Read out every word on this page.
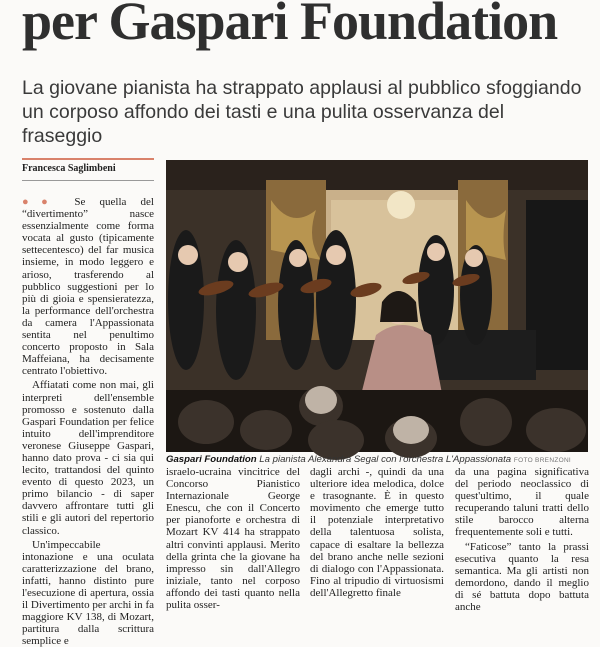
per Gaspari Foundation
La giovane pianista ha strappato applausi al pubblico sfoggiando un corposo affondo dei tasti e una pulita osservanza del fraseggio
Francesca Saglimbeni

●● Se quella del “divertimento” nasce essenzialmente come forma vocata al gusto (tipicamente settecentesco) del far musica insieme, in modo leggero e arioso, trasferendo al pubblico suggestioni per lo più di gioia e spensieratezza, la performance dell'orchestra da camera l'Appassionata sentita nel penultimo concerto proposto in Sala Maffeiana, ha decisamente centrato l'obiettivo.

Affiatati come non mai, gli interpreti dell'ensemble promosso e sostenuto dalla Gaspari Foundation per felice intuito dell'imprenditore veronese Giuseppe Gaspari, hanno dato prova - ci sia qui lecito, trattandosi del quinto evento di questo 2023, un primo bilancio - di saper davvero affrontare tutti gli stili e gli autori del repertorio classico.

Un'impeccabile intonazione e una oculata caratterizzazione del brano, infatti, hanno distinto pure l'esecuzione di apertura, ossia il Divertimento per archi in fa maggiore KV 138, di Mozart, partitura dalla scrittura semplice e

Gaspari Foundation La pianista Alexandra Segal con l'orchestra L'Appassionata FOTO BRENZONI

israelo-ucraina vincitrice del Concorso Pianistico Internazionale George Enescu, che con il Concerto per pianoforte e orchestra di Mozart KV 414 ha strappato altri convinti applausi. Merito della grinta che la giovane ha impresso sin dall'Allegro iniziale, tanto nel corposo affondo dei tasti quanto nella pulita osser-

dagli archi -, quindi da una ulteriore idea melodica, dolce e trasognante. È in questo movimento che emerge tutto il potenziale interpretativo della talentuosa solista, capace di esaltare la bellezza del brano anche nelle sezioni di dialogo con l'Appassionata. Fino al tripudio di virtuosismi dell'Allegretto finale

da una pagina significativa del periodo neoclassico di quest'ultimo, il quale recuperando taluni tratti dello stile barocco alterna frequentemente soli e tutti.

“Faticose” tanto la prassi esecutiva quanto la resa semantica. Ma gli artisti non demordono, dando il meglio di sé battuta dopo battuta anche
